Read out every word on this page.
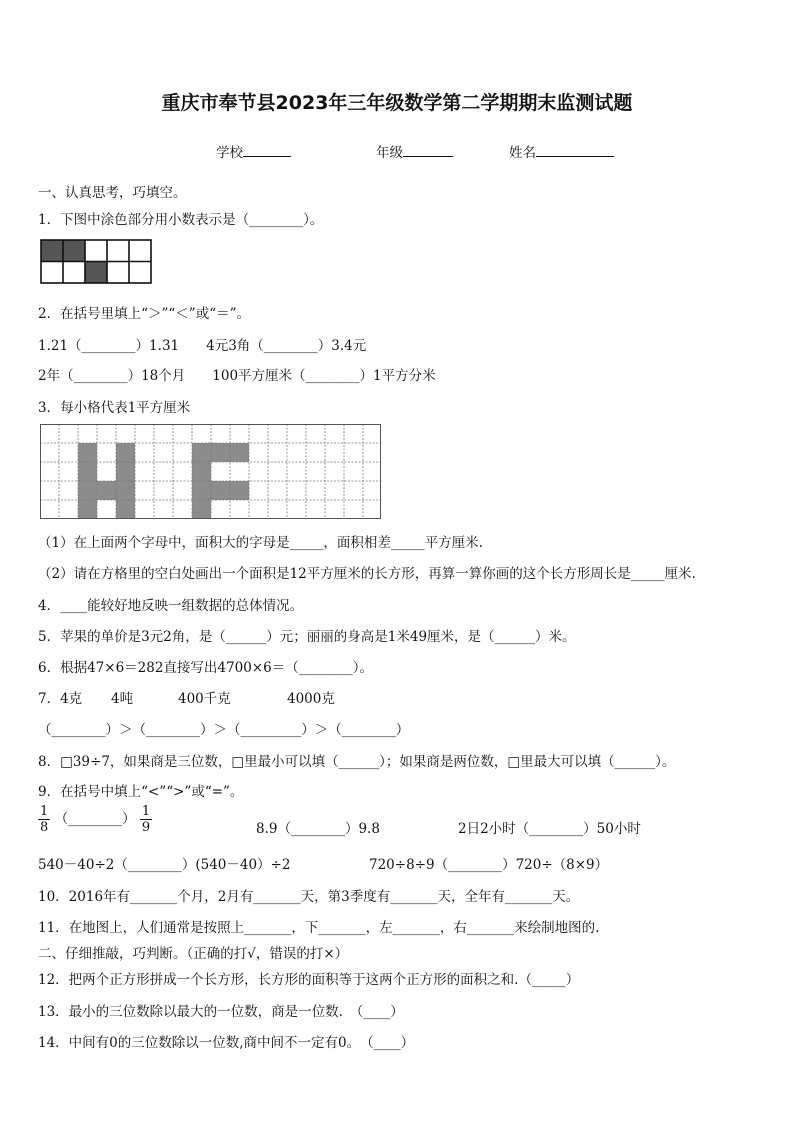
重庆市奉节县2023年三年级数学第二学期期末监测试题
学校	年级	姓名
一、认真思考，巧填空。
1．下图中涂色部分用小数表示是（________）。
2．在括号里填上“＞”“＜”或“＝”。
1.21（________）1.31　　4元3角（________）3.4元
2年（________）18个月　　100平方厘米（________）1平方分米
3．每小格代表1平方厘米
（1）在上面两个字母中，面积大的字母是_____，面积相差_____平方厘米.
（2）请在方格里的空白处画出一个面积是12平方厘米的长方形，再算一算你画的这个长方形周长是_____厘米.
4．____能较好地反映一组数据的总体情况。
5．苹果的单价是3元2角，是（______）元；丽丽的身高是1米49厘米，是（______）米。
6．根据47×6＝282直接写出4700×6＝（________）。
7．4克 4吨	400千克	4000克
（________）＞（________）＞（_________）＞（________）
8．□39÷7，如果商是三位数，□里最小可以填（______）；如果商是两位数，□里最大可以填（______）。
9．在括号中填上“<”“>”或“=”。
$\frac{1}{8}$ （________） $\frac{1}{9}$	8.9（________）9.8	2日2小时（________）50小时
540－40÷2（________）(540－40）÷2	720÷8÷9（________）720÷（8×9）
10．2016年有_______个月，2月有_______天，第3季度有_______天，全年有_______天。
11．在地图上，人们通常是按照上_______，下_______，左_______，右_______来绘制地图的.
二、仔细推敲，巧判断。（正确的打√，错误的打×）
12．把两个正方形拼成一个长方形，长方形的面积等于这两个正方形的面积之和.（_____）
13．最小的三位数除以最大的一位数，商是一位数.　（____）
14．中间有0的三位数除以一位数,商中间不一定有0。　（____）
